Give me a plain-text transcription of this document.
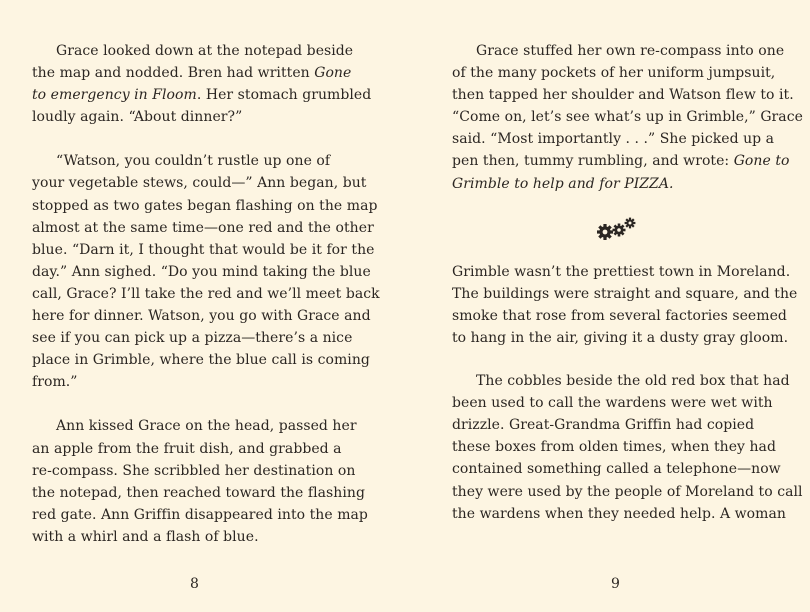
Grace looked down at the notepad beside
the map and nodded. Bren had written Gone
to emergency in Floom. Her stomach grumbled
loudly again. “About dinner?”

“Watson, you couldn’t rustle up one of
your vegetable stews, could—” Ann began, but
stopped as two gates began flashing on the map
almost at the same time—one red and the other
blue. “Darn it, I thought that would be it for the
day.” Ann sighed. “Do you mind taking the blue
call, Grace? I’ll take the red and we’ll meet back
here for dinner. Watson, you go with Grace and
see if you can pick up a pizza—there’s a nice
place in Grimble, where the blue call is coming
from.”

Ann kissed Grace on the head, passed her
an apple from the fruit dish, and grabbed a
re-compass. She scribbled her destination on
the notepad, then reached toward the flashing
red gate. Ann Griffin disappeared into the map
with a whirl and a flash of blue.

Grace stuffed her own re-compass into one
of the many pockets of her uniform jumpsuit,
then tapped her shoulder and Watson flew to it.
“Come on, let’s see what’s up in Grimble,” Grace
said. “Most importantly . . .” She picked up a
pen then, tummy rumbling, and wrote: Gone to
Grimble to help and for PIZZA.

Grimble wasn’t the prettiest town in Moreland.
The buildings were straight and square, and the
smoke that rose from several factories seemed
to hang in the air, giving it a dusty gray gloom.

The cobbles beside the old red box that had
been used to call the wardens were wet with
drizzle. Great-Grandma Griffin had copied
these boxes from olden times, when they had
contained something called a telephone—now
they were used by the people of Moreland to call
the wardens when they needed help. A woman

8	9
